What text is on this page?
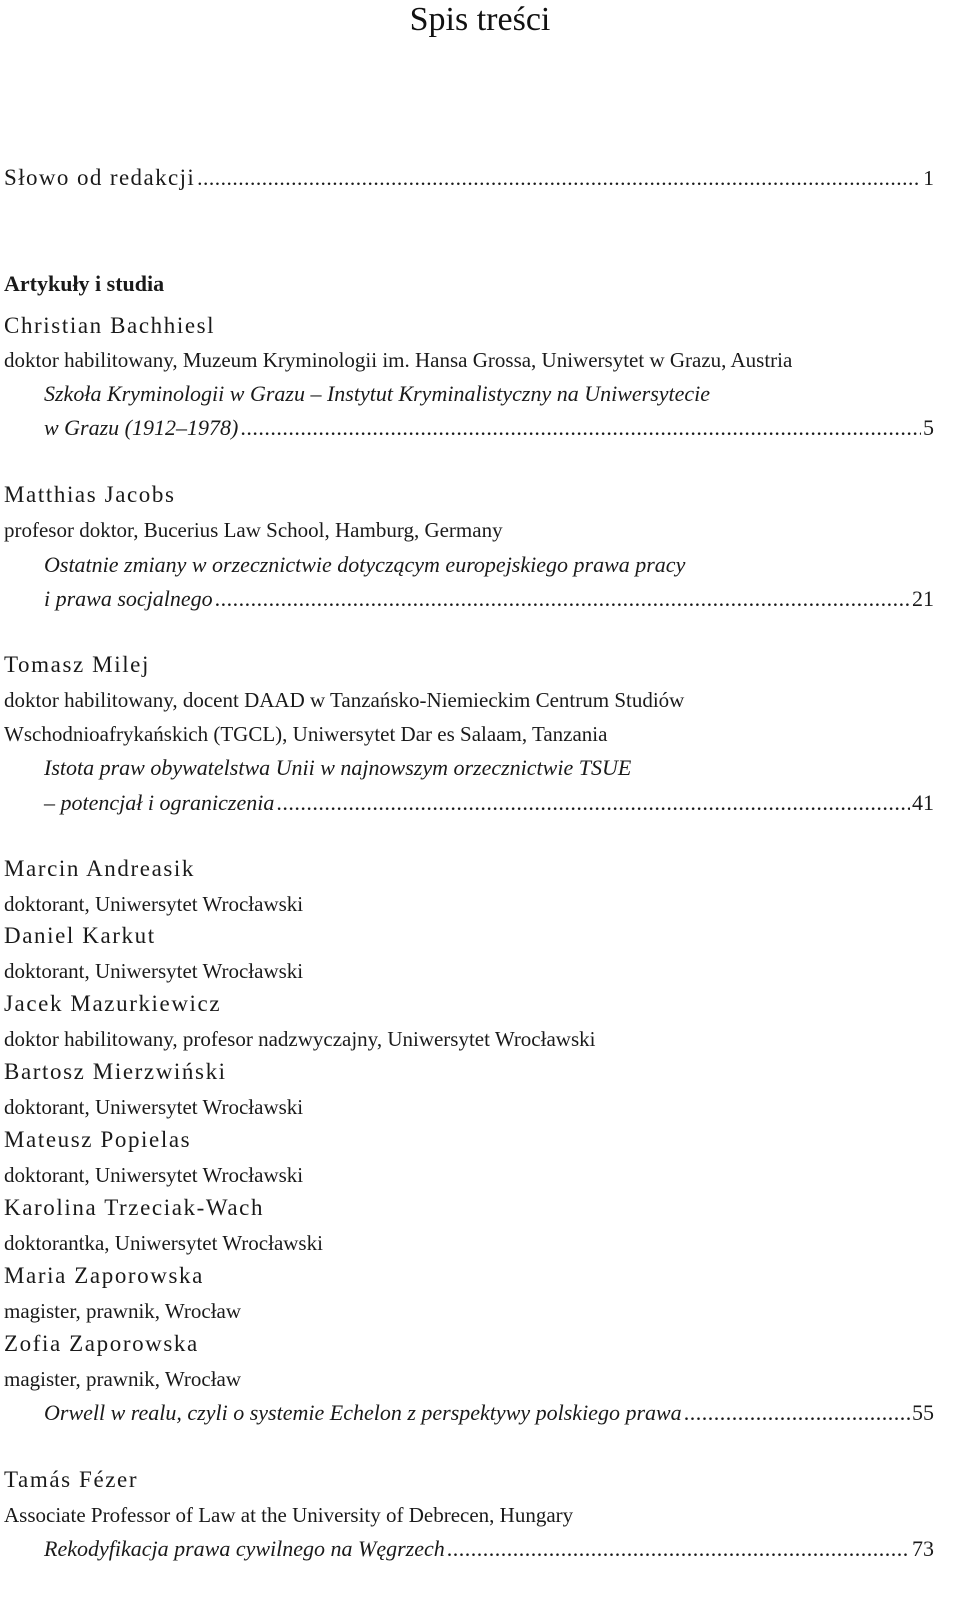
Spis treści
Słowo od redakcji .....	1
Artykuły i studia
Christian Bachhiesl
doktor habilitowany, Muzeum Kryminologii im. Hansa Grossa, Uniwersytet w Grazu, Austria
Szkoła Kryminologii w Grazu – Instytut Kryminalistyczny na Uniwersytecie
w Grazu (1912–1978) .....	5
Matthias Jacobs
profesor doktor, Bucerius Law School, Hamburg, Germany
Ostatnie zmiany w orzecznictwie dotyczącym europejskiego prawa pracy
i prawa socjalnego .....	21
Tomasz Milej
doktor habilitowany, docent DAAD w Tanzańsko-Niemieckim Centrum Studiów
Wschodnioafrykańskich (TGCL), Uniwersytet Dar es Salaam, Tanzania
Istota praw obywatelstwa Unii w najnowszym orzecznictwie TSUE
– potencjał i ograniczenia .....	41
Marcin Andreasik
doktorant, Uniwersytet Wrocławski
Daniel Karkut
doktorant, Uniwersytet Wrocławski
Jacek Mazurkiewicz
doktor habilitowany, profesor nadzwyczajny, Uniwersytet Wrocławski
Bartosz Mierzwiński
doktorant, Uniwersytet Wrocławski
Mateusz Popielas
doktorant, Uniwersytet Wrocławski
Karolina Trzeciak-Wach
doktorantka, Uniwersytet Wrocławski
Maria Zaporowska
magister, prawnik, Wrocław
Zofia Zaporowska
magister, prawnik, Wrocław
Orwell w realu, czyli o systemie Echelon z perspektywy polskiego prawa .....	55
Tamás Fézer
Associate Professor of Law at the University of Debrecen, Hungary
Rekodyfikacja prawa cywilnego na Węgrzech .....	73
